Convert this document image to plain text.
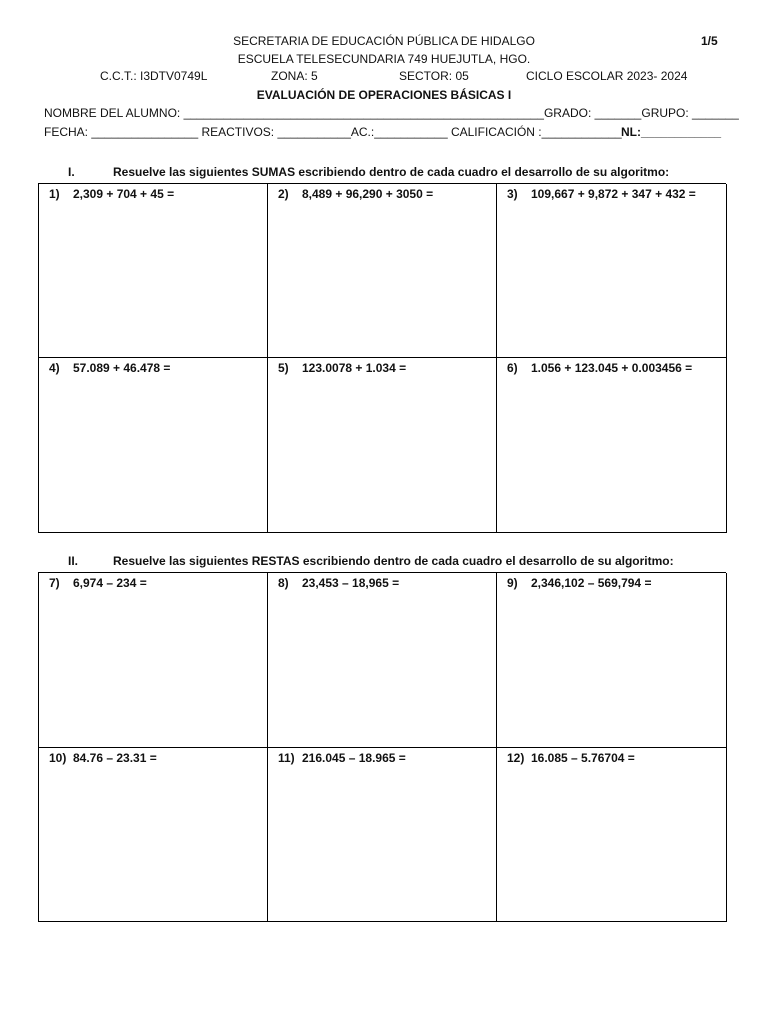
SECRETARIA DE EDUCACIÓN PÚBLICA DE HIDALGO	1/5
ESCUELA TELESECUNDARIA 749 HUEJUTLA, HGO.
C.C.T.: I3DTV0749L	ZONA: 5	SECTOR: 05	CICLO ESCOLAR 2023- 2024
EVALUACIÓN DE OPERACIONES BÁSICAS I
NOMBRE DEL ALUMNO: ______________________________________________________GRADO: _______GRUPO: _______
FECHA: ________________ REACTIVOS: ___________AC.:___________ CALIFICACIÓN :____________ NL:____________
I.	Resuelve las siguientes SUMAS escribiendo dentro de cada cuadro el desarrollo de su algoritmo:
1) 2,309 + 704 + 45 =	2) 8,489 + 96,290 + 3050 =	3) 109,667 + 9,872 + 347 + 432 =
4) 57.089 + 46.478 =	5) 123.0078 + 1.034 =	6) 1.056 + 123.045 + 0.003456 =
II.	Resuelve las siguientes RESTAS escribiendo dentro de cada cuadro el desarrollo de su algoritmo:
7) 6,974 – 234 =	8) 23,453 – 18,965 =	9) 2,346,102 – 569,794 =
10) 84.76 – 23.31 =	11) 216.045 – 18.965 =	12) 16.085 – 5.76704 =
